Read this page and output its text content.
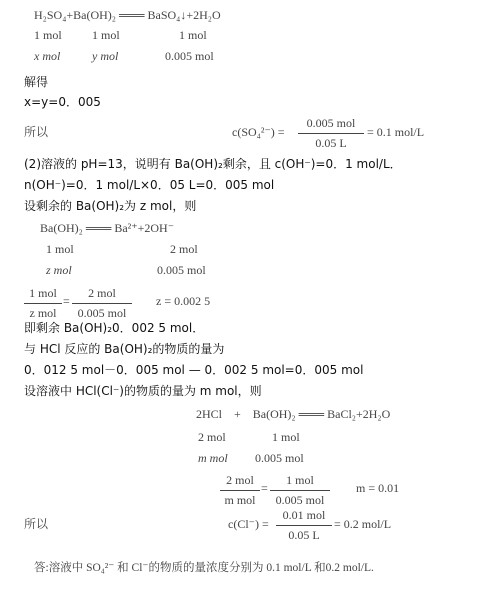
H₂SO₄+Ba(OH)₂ ═══ BaSO₄↓+2H₂O
1 mol	1 mol	1 mol
x mol	y mol	0.005 mol
解得
x=y=0．005
所以	c(SO₄²⁻) =
0.005 mol
0.05 L
= 0.1 mol/L
(2)溶液的 pH=13，说明有 Ba(OH)₂剩余，且 c(OH⁻)=0．1 mol/L．
n(OH⁻)=0．1 mol/L×0．05 L=0．005 mol
设剩余的 Ba(OH)₂为 z mol，则
Ba(OH)₂ ═══ Ba²⁺+2OH⁻
1 mol	2 mol
z mol	0.005 mol
1 mol
z mol
=
2 mol
0.005 mol
z = 0.002 5
即剩余 Ba(OH)₂0．002 5 mol．
与 HCl 反应的 Ba(OH)₂的物质的量为
0．012 5 mol－0．005 mol — 0．002 5 mol=0．005 mol
设溶液中 HCl(Cl⁻)的物质的量为 m mol，则
2HCl　+　Ba(OH)₂ ═══ BaCl₂+2H₂O
2 mol	1 mol
m mol 0.005 mol
2 mol
m mol
=
1 mol
0.005 mol
m = 0.01
所以	c(Cl⁻) =
0.01 mol
0.05 L
= 0.2 mol/L
答:溶液中 SO₄²⁻ 和 Cl⁻的物质的量浓度分别为 0.1 mol/L 和0.2 mol/L.
